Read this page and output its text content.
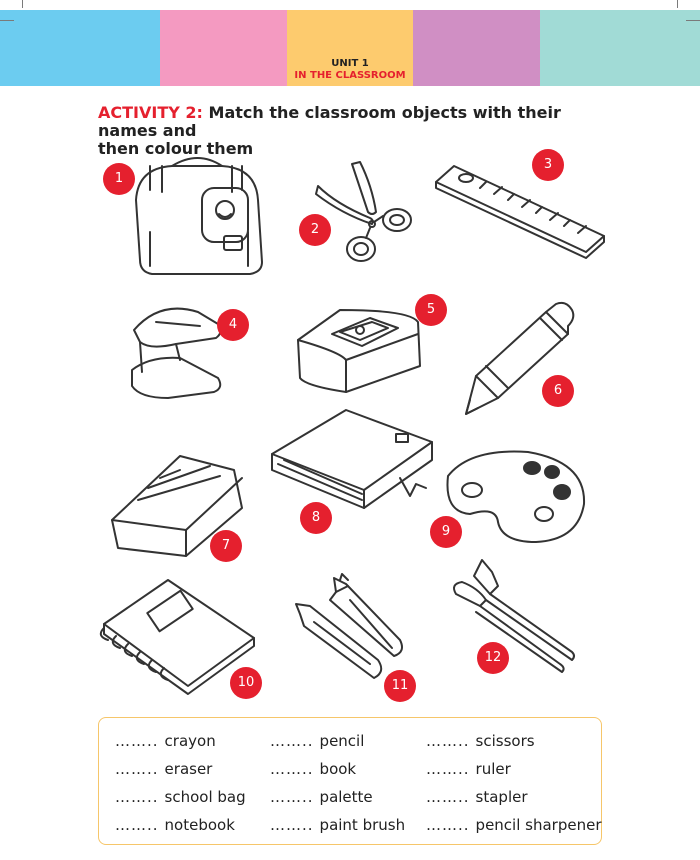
UNIT 1
IN THE CLASSROOM
ACTIVITY 2: Match the classroom objects with their names and
then colour them
1
2
3
4
5
6
7
8
9
10	11
12
…….. crayon
…….. eraser
…….. school bag
…….. notebook
…….. pencil
…….. book
…….. palette
…….. paint brush
…….. scissors
…….. ruler
…….. stapler
…….. pencil sharpener
